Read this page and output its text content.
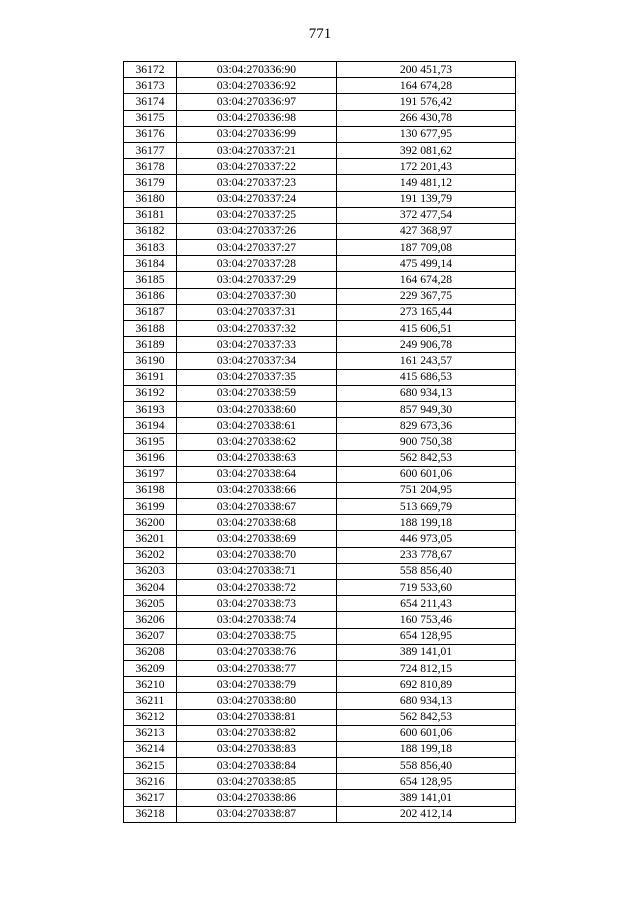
771
36172	03:04:270336:90	200 451,73
36173	03:04:270336:92	164 674,28
36174	03:04:270336:97	191 576,42
36175	03:04:270336:98	266 430,78
36176	03:04:270336:99	130 677,95
36177	03:04:270337:21	392 081,62
36178	03:04:270337:22	172 201,43
36179	03:04:270337:23	149 481,12
36180	03:04:270337:24	191 139,79
36181	03:04:270337:25	372 477,54
36182	03:04:270337:26	427 368,97
36183	03:04:270337:27	187 709,08
36184	03:04:270337:28	475 499,14
36185	03:04:270337:29	164 674,28
36186	03:04:270337:30	229 367,75
36187	03:04:270337:31	273 165,44
36188	03:04:270337:32	415 606,51
36189	03:04:270337:33	249 906,78
36190	03:04:270337:34	161 243,57
36191	03:04:270337:35	415 686,53
36192	03:04:270338:59	680 934,13
36193	03:04:270338:60	857 949,30
36194	03:04:270338:61	829 673,36
36195	03:04:270338:62	900 750,38
36196	03:04:270338:63	562 842,53
36197	03:04:270338:64	600 601,06
36198	03:04:270338:66	751 204,95
36199	03:04:270338:67	513 669,79
36200	03:04:270338:68	188 199,18
36201	03:04:270338:69	446 973,05
36202	03:04:270338:70	233 778,67
36203	03:04:270338:71	558 856,40
36204	03:04:270338:72	719 533,60
36205	03:04:270338:73	654 211,43
36206	03:04:270338:74	160 753,46
36207	03:04:270338:75	654 128,95
36208	03:04:270338:76	389 141,01
36209	03:04:270338:77	724 812,15
36210	03:04:270338:79	692 810,89
36211	03:04:270338:80	680 934,13
36212	03:04:270338:81	562 842,53
36213	03:04:270338:82	600 601,06
36214	03:04:270338:83	188 199,18
36215	03:04:270338:84	558 856,40
36216	03:04:270338:85	654 128,95
36217	03:04:270338:86	389 141,01
36218	03:04:270338:87	202 412,14
